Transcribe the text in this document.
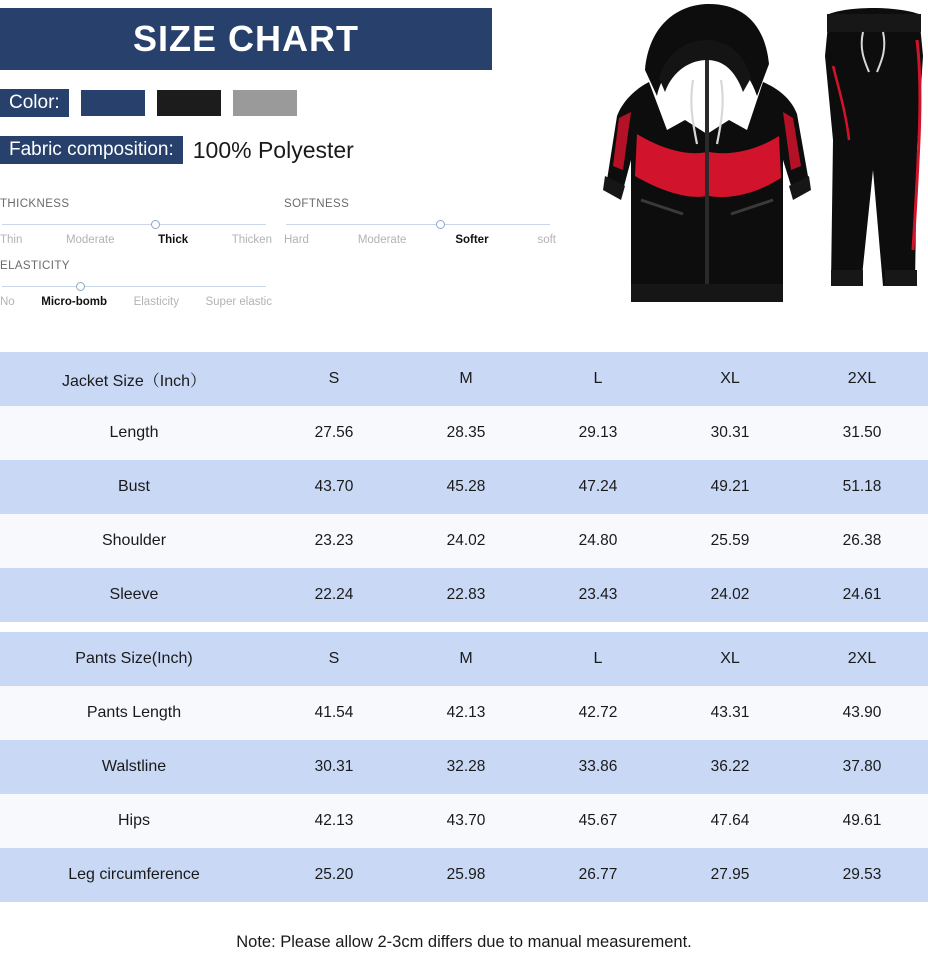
SIZE CHART
Color:
Fabric composition: 100% Polyester
THICKNESS
Thin	Moderate	Thick	Thicken
SOFTNESS
Hard	Moderate	Softer	soft
ELASTICITY
No Micro-bomb Elasticity Super elastic
Jacket Size（Inch）	S	M	L	XL	2XL
Length	27.56	28.35	29.13	30.31	31.50
Bust	43.70	45.28	47.24	49.21	51.18
Shoulder	23.23	24.02	24.80	25.59	26.38
Sleeve	22.24	22.83	23.43	24.02	24.61
Pants Size(Inch)	S	M	L	XL	2XL
Pants Length	41.54	42.13	42.72	43.31	43.90
Walstline	30.31	32.28	33.86	36.22	37.80
Hips	42.13	43.70	45.67	47.64	49.61
Leg circumference	25.20	25.98	26.77	27.95	29.53
Note: Please allow 2-3cm differs due to manual measurement.
